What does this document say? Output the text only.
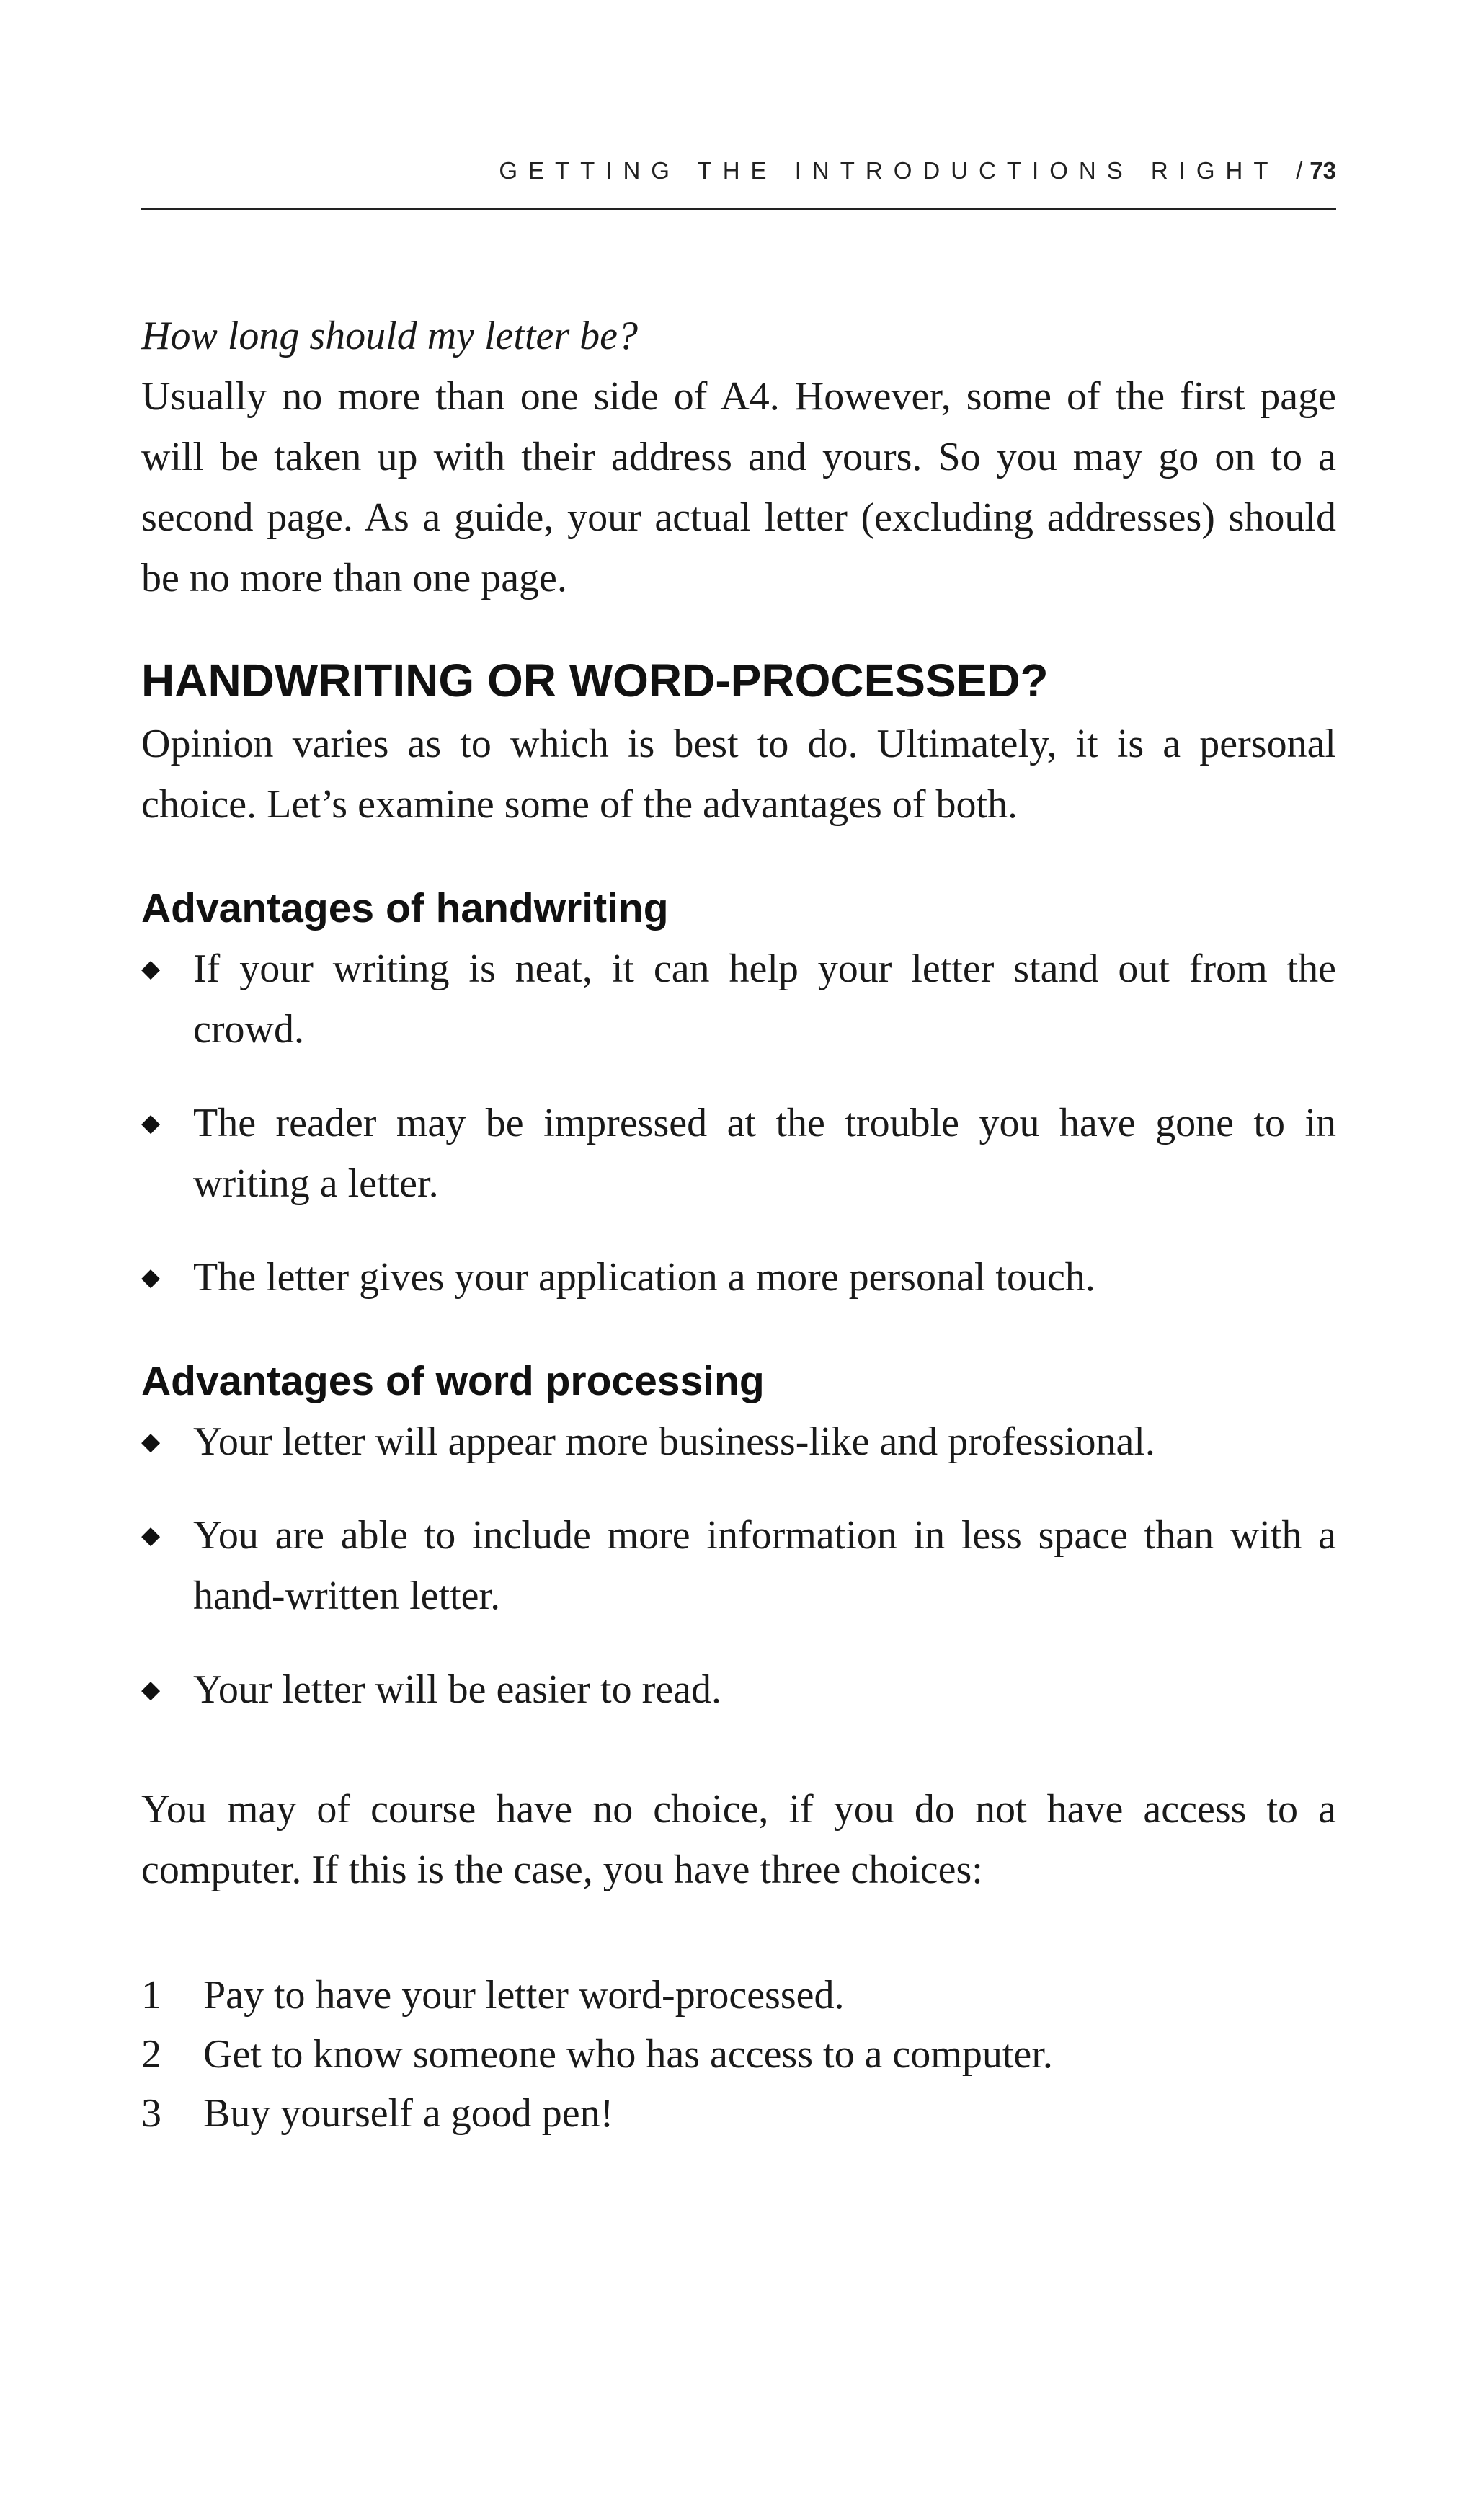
GETTING THE INTRODUCTIONS RIGHT / 73

How long should my letter be?

Usually no more than one side of A4. However, some of the first page will be taken up with their address and yours. So you may go on to a second page. As a guide, your actual letter (excluding addresses) should be no more than one page.

HANDWRITING OR WORD-PROCESSED?

Opinion varies as to which is best to do. Ultimately, it is a personal choice. Let’s examine some of the advantages of both.

Advantages of handwriting
◆ If your writing is neat, it can help your letter stand out from the crowd.

◆ The reader may be impressed at the trouble you have gone to in writing a letter.

◆ The letter gives your application a more personal touch.

Advantages of word processing
◆ Your letter will appear more business-like and professional.

◆ You are able to include more information in less space than with a hand-written letter.

◆ Your letter will be easier to read.

You may of course have no choice, if you do not have access to a computer. If this is the case, you have three choices:

1	Pay to have your letter word-processed.

2	Get to know someone who has access to a computer.

3	Buy yourself a good pen!
